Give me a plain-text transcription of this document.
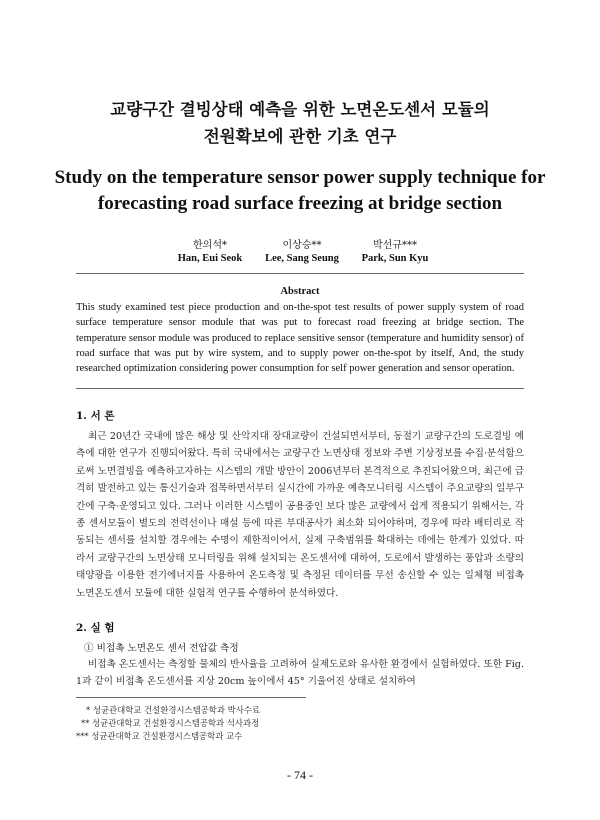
교량구간 결빙상태 예측을 위한 노면온도센서 모듈의
전원확보에 관한 기초 연구
Study on the temperature sensor power supply technique for
forecasting road surface freezing at bridge section
한의석*
Han, Eui Seok
이상승**
Lee, Sang Seung
박선규***
Park, Sun Kyu
Abstract
This study examined test piece production and on-the-spot test results of power supply system of road surface temperature sensor module that was put to forecast road freezing at bridge section. The temperature sensor module was produced to replace sensitive sensor (temperature and humidity sensor) of road surface that was put by wire system, and to supply power on-the-spot by itself, And, the study researched optimization considering power consumption for self power generation and sensor operation.
1. 서 론
최근 20년간 국내에 많은 해상 및 산악지대 장대교량이 건설되면서부터, 동절기 교량구간의 도로결빙 예측에 대한 연구가 진행되어왔다. 특히 국내에서는 교량구간 노면상태 정보와 주변 기상정보를 수집·분석함으로써 노면결빙을 예측하고자하는 시스템의 개발 방안이 2006년부터 본격적으로 추진되어왔으며, 최근에 급격히 발전하고 있는 통신기술과 접목하면서부터 실시간에 가까운 예측모니터링 시스템이 주요교량의 일부구간에 구축·운영되고 있다. 그러나 이러한 시스템이 공용중인 보다 많은 교량에서 쉽게 적용되기 위해서는, 각종 센서모듈이 별도의 전력선이나 매설 등에 따른 부대공사가 최소화 되어야하며, 경우에 따라 배터리로 작동되는 센서를 설치할 경우에는 수명이 제한적이어서, 실제 구축범위를 확대하는 데에는 한계가 있었다. 따라서 교량구간의 노면상태 모니터링을 위해 설치되는 온도센서에 대하여, 도로에서 발생하는 풍압과 소량의 태양광을 이용한 전기에너지를 사용하여 온도측정 및 측정된 데이터를 무선 송신할 수 있는 일체형 비접촉 노면온도센서 모듈에 대한 실험적 연구를 수행하여 분석하였다.
2. 실 험
① 비접촉 노면온도 센서 전압값 측정
비접촉 온도센서는 측정할 물체의 반사율을 고려하여 실제도로와 유사한 환경에서 실험하였다. 또한 Fig. 1과 같이 비접촉 온도센서를 지상 20cm 높이에서 45° 기울어진 상태로 설치하여
* 성균관대학교 건설환경시스템공학과 박사수료
** 성균관대학교 건설환경시스템공학과 석사과정
*** 성균관대학교 건설환경시스템공학과 교수
- 74 -
